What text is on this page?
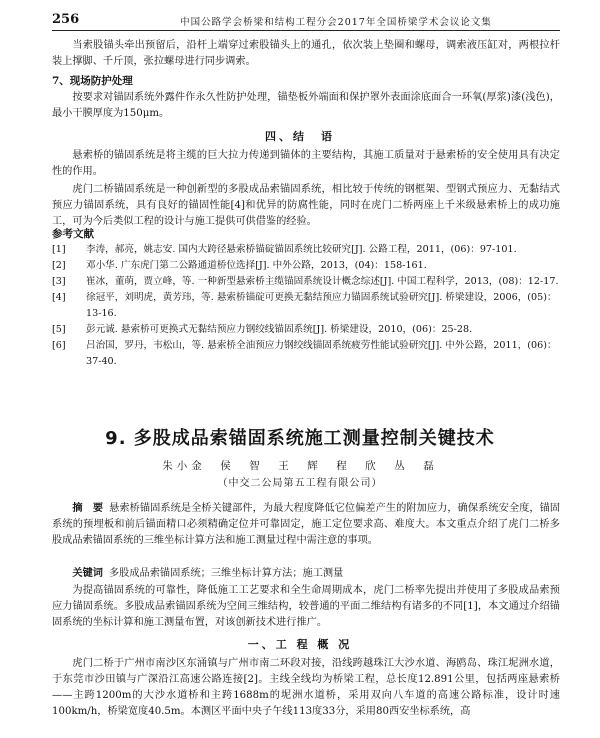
256	中国公路学会桥梁和结构工程分会2017年全国桥梁学术会议论文集

当索股锚头牵出预留后，沿杆上端穿过索股锚头上的通孔，依次装上垫圈和螺母，调索液压缸对，两根拉杆装上撑脚、千斤顶，张拉螺母进行同步调索。

7、现场防护处理

按要求对锚固系统外露件作永久性防护处理，锚垫板外端面和保护罩外表面涂底面合一环氧(厚浆)漆(浅色)，最小干膜厚度为150μm。

四、结　语

悬索桥的锚固系统是将主缆的巨大拉力传递到锚体的主要结构，其施工质量对于悬索桥的安全使用具有决定性的作用。

虎门二桥锚固系统是一种创新型的多股成品索锚固系统，相比较于传统的钢框架、型钢式预应力、无黏结式预应力锚固系统，具有良好的锚固性能[4]和优异的防腐性能，同时在虎门二桥两座上千米级悬索桥上的成功施工，可为今后类似工程的设计与施工提供可供借鉴的经验。

参考文献
[1] 李涛，郝亮，姚志安. 国内大跨径悬索桥锚碇锚固系统比较研究[J]. 公路工程，2011，(06)：97-101.
[2] 邓小华. 广东虎门第二公路通道桥位选择[J]. 中外公路，2013，(04)：158-161.
[3] 崔冰，董萌，贾立峰，等. 一种新型悬索桥主缆锚固系统设计概念综述[J]. 中国工程科学，2013，(08)：12-17.
[4] 徐冠平，刘明虎，黄芳玮，等. 悬索桥锚碇可更换无黏结预应力锚固系统试验研究[J]. 桥梁建设，2006，(05)：13-16.
[5] 彭元诚. 悬索桥可更换式无黏结预应力钢绞线锚固系统[J]. 桥梁建设，2010，(06)：25-28.
[6] 吕治国，罗丹，韦松山，等. 悬索桥全油预应力钢绞线锚固系统疲劳性能试验研究[J]. 中外公路，2011，(06)：37-40.
9. 多股成品索锚固系统施工测量控制关键技术
朱小金　侯　智　王　辉　程　欣　丛　磊
（中交二公局第五工程有限公司）

摘　要 悬索桥锚固系统是全桥关键部件，为最大程度降低它位偏差产生的附加应力，确保系统安全度，锚固系统的预埋板和前后锚面精口必须精确定位并可靠固定，施工定位要求高、难度大。本文重点介绍了虎门二桥多股成品索锚固系统的三维坐标计算方法和施工测量过程中需注意的事项。

关键词 多股成品索锚固系统；三维坐标计算方法；施工测量

为提高锚固系统的可靠性，降低施工工艺要求和全生命周期成本，虎门二桥率先提出并使用了多股成品索预应力锚固系统。多股成品索锚固系统为空间三维结构，较普通的平面二维结构有诸多的不同[1]，本文通过介绍锚固系统的坐标计算和施工测量布置，对该创新技术进行推广。

一、工 程 概 况

虎门二桥于广州市南沙区东涌镇与广州市南二环段对接，沿线跨越珠江大沙水道、海鸥岛、珠江坭洲水道，于东莞市沙田镇与广深沿江高速公路连接[2]。主线全线均为桥梁工程，总长度12.891公里，包括两座悬索桥——主跨1200m的大沙水道桥和主跨1688m的坭洲水道桥，采用双向八车道的高速公路标准，设计时速100km/h，桥梁宽度40.5m。本测区平面中央子午线113度33分，采用80西安坐标系统，高
